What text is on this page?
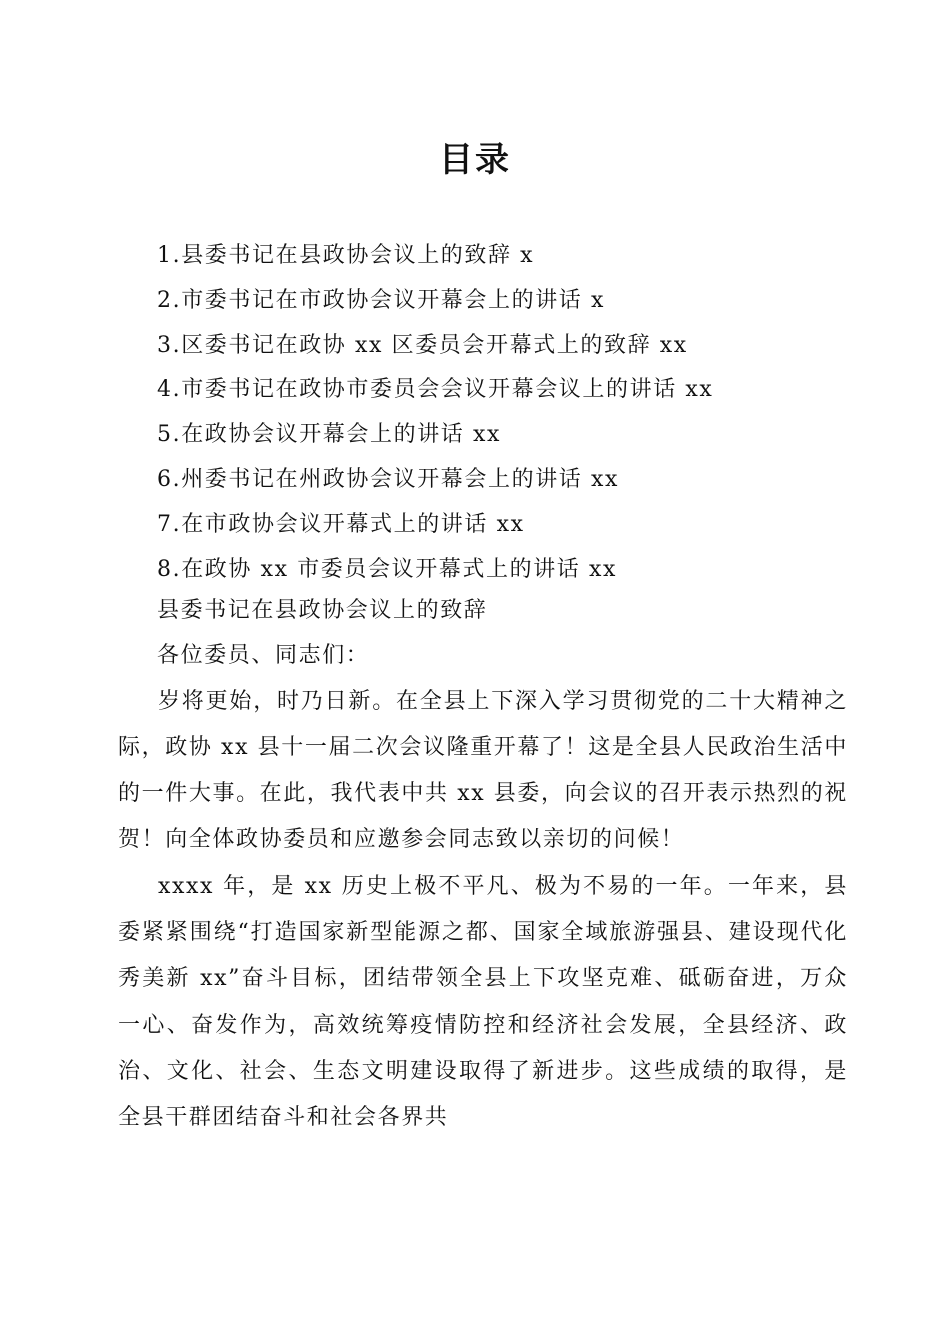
目录
1.县委书记在县政协会议上的致辞 x
2.市委书记在市政协会议开幕会上的讲话 x
3.区委书记在政协 xx 区委员会开幕式上的致辞 xx
4.市委书记在政协市委员会会议开幕会议上的讲话 xx
5.在政协会议开幕会上的讲话 xx
6.州委书记在州政协会议开幕会上的讲话 xx
7.在市政协会议开幕式上的讲话 xx
8.在政协 xx 市委员会议开幕式上的讲话 xx
县委书记在县政协会议上的致辞
各位委员、同志们：

岁将更始，时乃日新。在全县上下深入学习贯彻党的二十大精神之际，政协 xx 县十一届二次会议隆重开幕了！这是全县人民政治生活中的一件大事。在此，我代表中共 xx 县委，向会议的召开表示热烈的祝贺！向全体政协委员和应邀参会同志致以亲切的问候！

xxxx 年，是 xx 历史上极不平凡、极为不易的一年。一年来，县委紧紧围绕“打造国家新型能源之都、国家全域旅游强县、建设现代化秀美新 xx”奋斗目标，团结带领全县上下攻坚克难、砥砺奋进，万众一心、奋发作为，高效统筹疫情防控和经济社会发展，全县经济、政治、文化、社会、生态文明建设取得了新进步。这些成绩的取得，是全县干群团结奋斗和社会各界共
